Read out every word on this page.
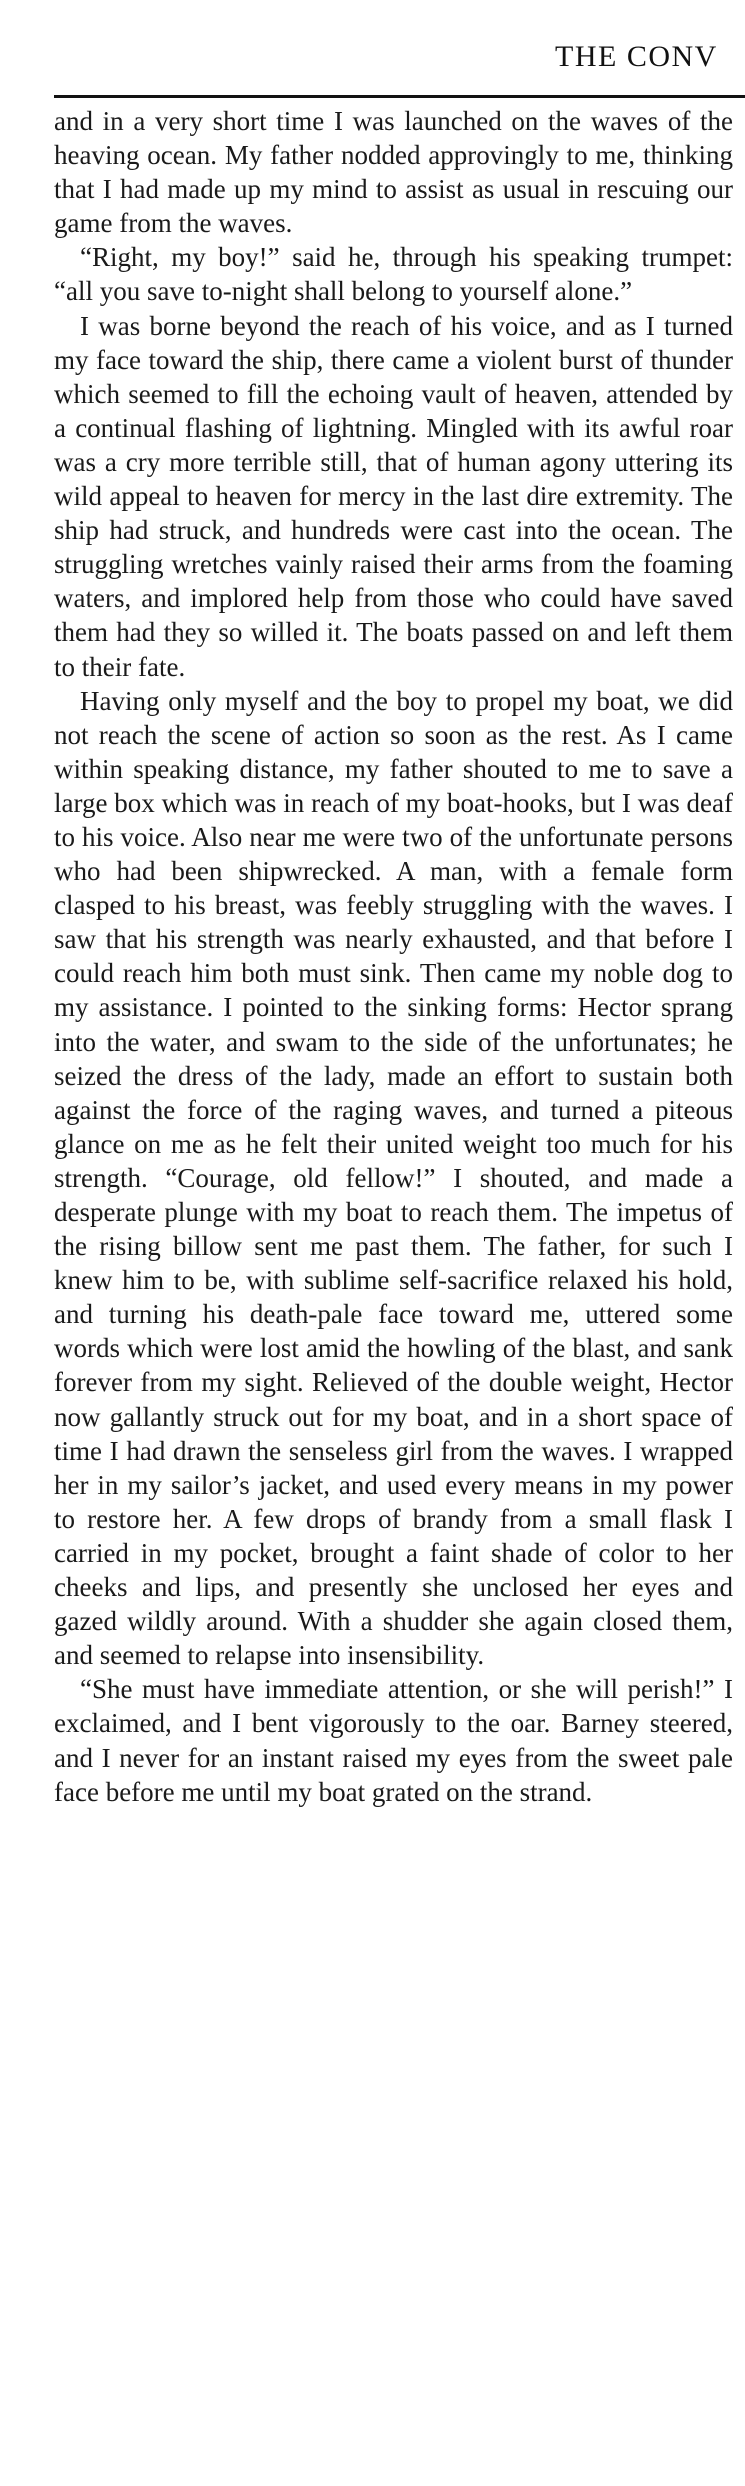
THE CONV

and in a very short time I was launched on the waves of the heaving ocean. My father nodded approvingly to me, thinking that I had made up my mind to assist as usual in rescuing our game from the waves.

“Right, my boy!” said he, through his speaking trumpet: “all you save to-night shall belong to yourself alone.”

I was borne beyond the reach of his voice, and as I turned my face toward the ship, there came a violent burst of thunder which seemed to fill the echoing vault of heaven, attended by a continual flashing of lightning. Mingled with its awful roar was a cry more terrible still, that of human agony uttering its wild appeal to heaven for mercy in the last dire extremity. The ship had struck, and hundreds were cast into the ocean. The struggling wretches vainly raised their arms from the foaming waters, and implored help from those who could have saved them had they so willed it. The boats passed on and left them to their fate.

Having only myself and the boy to propel my boat, we did not reach the scene of action so soon as the rest. As I came within speaking distance, my father shouted to me to save a large box which was in reach of my boat-hooks, but I was deaf to his voice. Also near me were two of the unfortunate persons who had been shipwrecked. A man, with a female form clasped to his breast, was feebly struggling with the waves. I saw that his strength was nearly exhausted, and that before I could reach him both must sink. Then came my noble dog to my assistance. I pointed to the sinking forms: Hector sprang into the water, and swam to the side of the unfortunates; he seized the dress of the lady, made an effort to sustain both against the force of the raging waves, and turned a piteous glance on me as he felt their united weight too much for his strength. “Courage, old fellow!” I shouted, and made a desperate plunge with my boat to reach them. The impetus of the rising billow sent me past them. The father, for such I knew him to be, with sublime self-sacrifice relaxed his hold, and turning his death-pale face toward me, uttered some words which were lost amid the howling of the blast, and sank forever from my sight. Relieved of the double weight, Hector now gallantly struck out for my boat, and in a short space of time I had drawn the senseless girl from the waves. I wrapped her in my sailor’s jacket, and used every means in my power to restore her. A few drops of brandy from a small flask I carried in my pocket, brought a faint shade of color to her cheeks and lips, and presently she unclosed her eyes and gazed wildly around. With a shudder she again closed them, and seemed to relapse into insensibility.

“She must have immediate attention, or she will perish!” I exclaimed, and I bent vigorously to the oar. Barney steered, and I never for an instant raised my eyes from the sweet pale face before me until my boat grated on the strand.
